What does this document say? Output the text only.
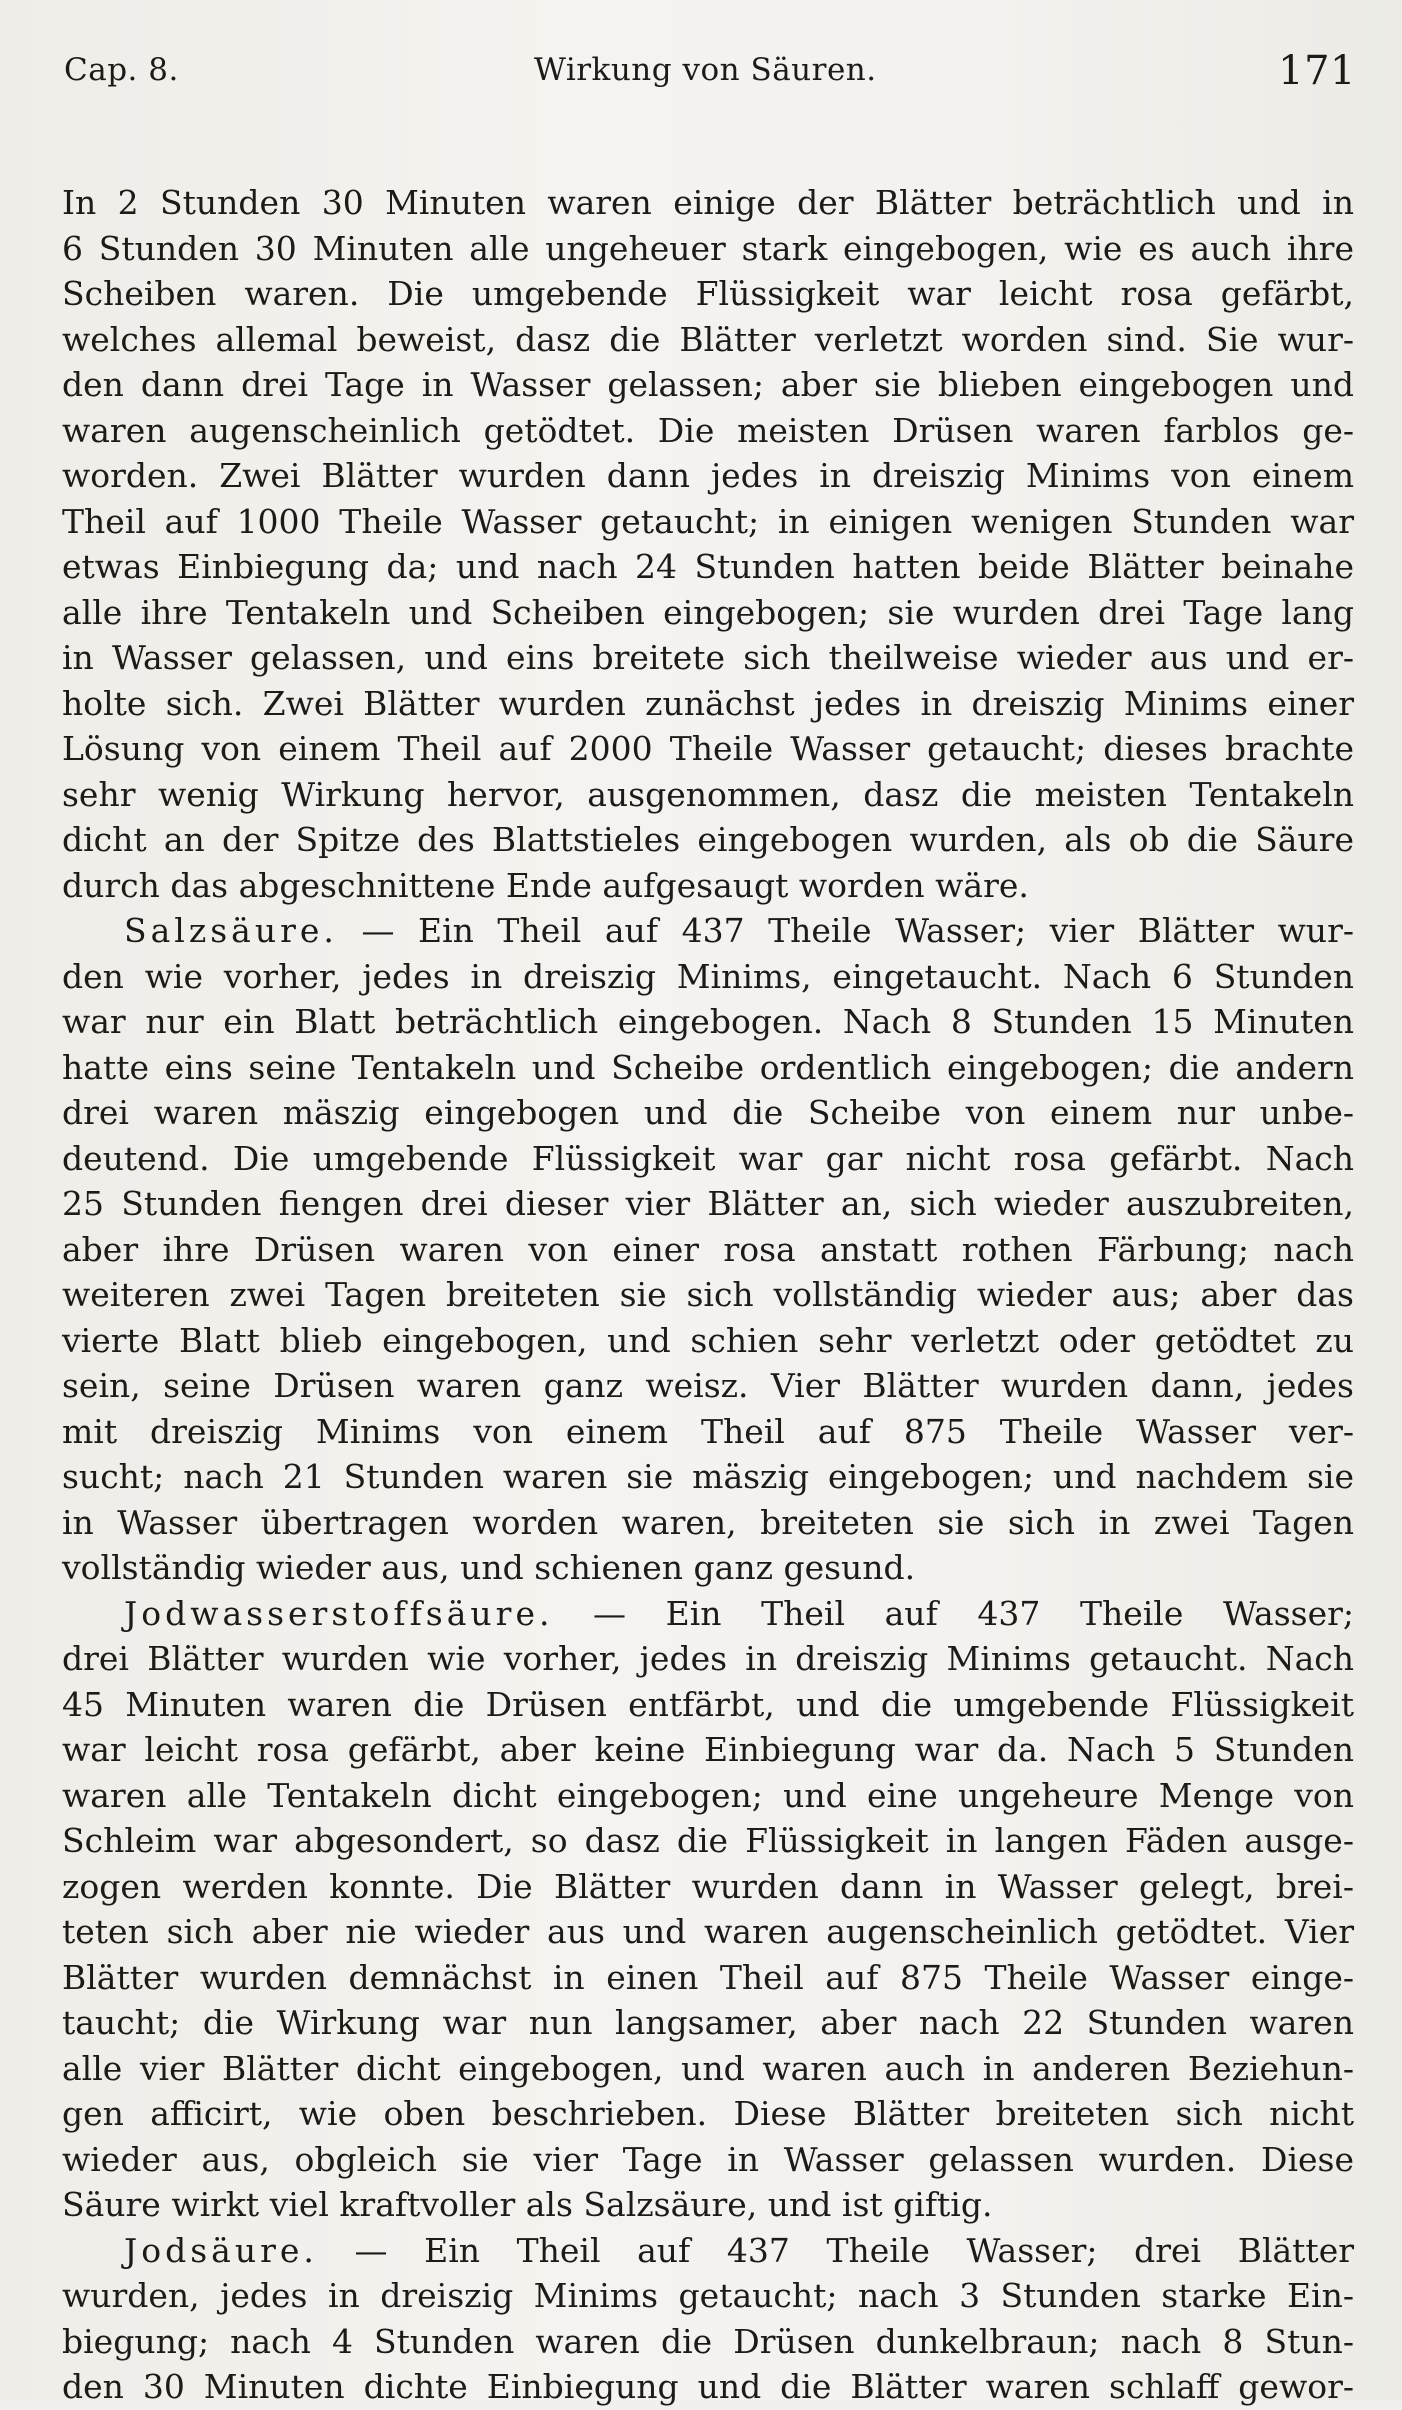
Cap. 8.	Wirkung von Säuren.	171
In 2 Stunden 30 Minuten waren einige der Blätter beträchtlich und in
6 Stunden 30 Minuten alle ungeheuer stark eingebogen, wie es auch ihre
Scheiben waren. Die umgebende Flüssigkeit war leicht rosa gefärbt,
welches allemal beweist, dasz die Blätter verletzt worden sind. Sie wur-
den dann drei Tage in Wasser gelassen; aber sie blieben eingebogen und
waren augenscheinlich getödtet. Die meisten Drüsen waren farblos ge-
worden. Zwei Blätter wurden dann jedes in dreiszig Minims von einem
Theil auf 1000 Theile Wasser getaucht; in einigen wenigen Stunden war
etwas Einbiegung da; und nach 24 Stunden hatten beide Blätter beinahe
alle ihre Tentakeln und Scheiben eingebogen; sie wurden drei Tage lang
in Wasser gelassen, und eins breitete sich theilweise wieder aus und er-
holte sich. Zwei Blätter wurden zunächst jedes in dreiszig Minims einer
Lösung von einem Theil auf 2000 Theile Wasser getaucht; dieses brachte
sehr wenig Wirkung hervor, ausgenommen, dasz die meisten Tentakeln
dicht an der Spitze des Blattstieles eingebogen wurden, als ob die Säure
durch das abgeschnittene Ende aufgesaugt worden wäre.
Salzsäure. — Ein Theil auf 437 Theile Wasser; vier Blätter wur-
den wie vorher, jedes in dreiszig Minims, eingetaucht. Nach 6 Stunden
war nur ein Blatt beträchtlich eingebogen. Nach 8 Stunden 15 Minuten
hatte eins seine Tentakeln und Scheibe ordentlich eingebogen; die andern
drei waren mäszig eingebogen und die Scheibe von einem nur unbe-
deutend. Die umgebende Flüssigkeit war gar nicht rosa gefärbt. Nach
25 Stunden fiengen drei dieser vier Blätter an, sich wieder auszubreiten,
aber ihre Drüsen waren von einer rosa anstatt rothen Färbung; nach
weiteren zwei Tagen breiteten sie sich vollständig wieder aus; aber das
vierte Blatt blieb eingebogen, und schien sehr verletzt oder getödtet zu
sein, seine Drüsen waren ganz weisz. Vier Blätter wurden dann, jedes
mit dreiszig Minims von einem Theil auf 875 Theile Wasser ver-
sucht; nach 21 Stunden waren sie mäszig eingebogen; und nachdem sie
in Wasser übertragen worden waren, breiteten sie sich in zwei Tagen
vollständig wieder aus, und schienen ganz gesund.
Jodwasserstoffsäure. — Ein Theil auf 437 Theile Wasser;
drei Blätter wurden wie vorher, jedes in dreiszig Minims getaucht. Nach
45 Minuten waren die Drüsen entfärbt, und die umgebende Flüssigkeit
war leicht rosa gefärbt, aber keine Einbiegung war da. Nach 5 Stunden
waren alle Tentakeln dicht eingebogen; und eine ungeheure Menge von
Schleim war abgesondert, so dasz die Flüssigkeit in langen Fäden ausge-
zogen werden konnte. Die Blätter wurden dann in Wasser gelegt, brei-
teten sich aber nie wieder aus und waren augenscheinlich getödtet. Vier
Blätter wurden demnächst in einen Theil auf 875 Theile Wasser einge-
taucht; die Wirkung war nun langsamer, aber nach 22 Stunden waren
alle vier Blätter dicht eingebogen, und waren auch in anderen Beziehun-
gen afficirt, wie oben beschrieben. Diese Blätter breiteten sich nicht
wieder aus, obgleich sie vier Tage in Wasser gelassen wurden. Diese
Säure wirkt viel kraftvoller als Salzsäure, und ist giftig.
Jodsäure. — Ein Theil auf 437 Theile Wasser; drei Blätter
wurden, jedes in dreiszig Minims getaucht; nach 3 Stunden starke Ein-
biegung; nach 4 Stunden waren die Drüsen dunkelbraun; nach 8 Stun-
den 30 Minuten dichte Einbiegung und die Blätter waren schlaff gewor-
